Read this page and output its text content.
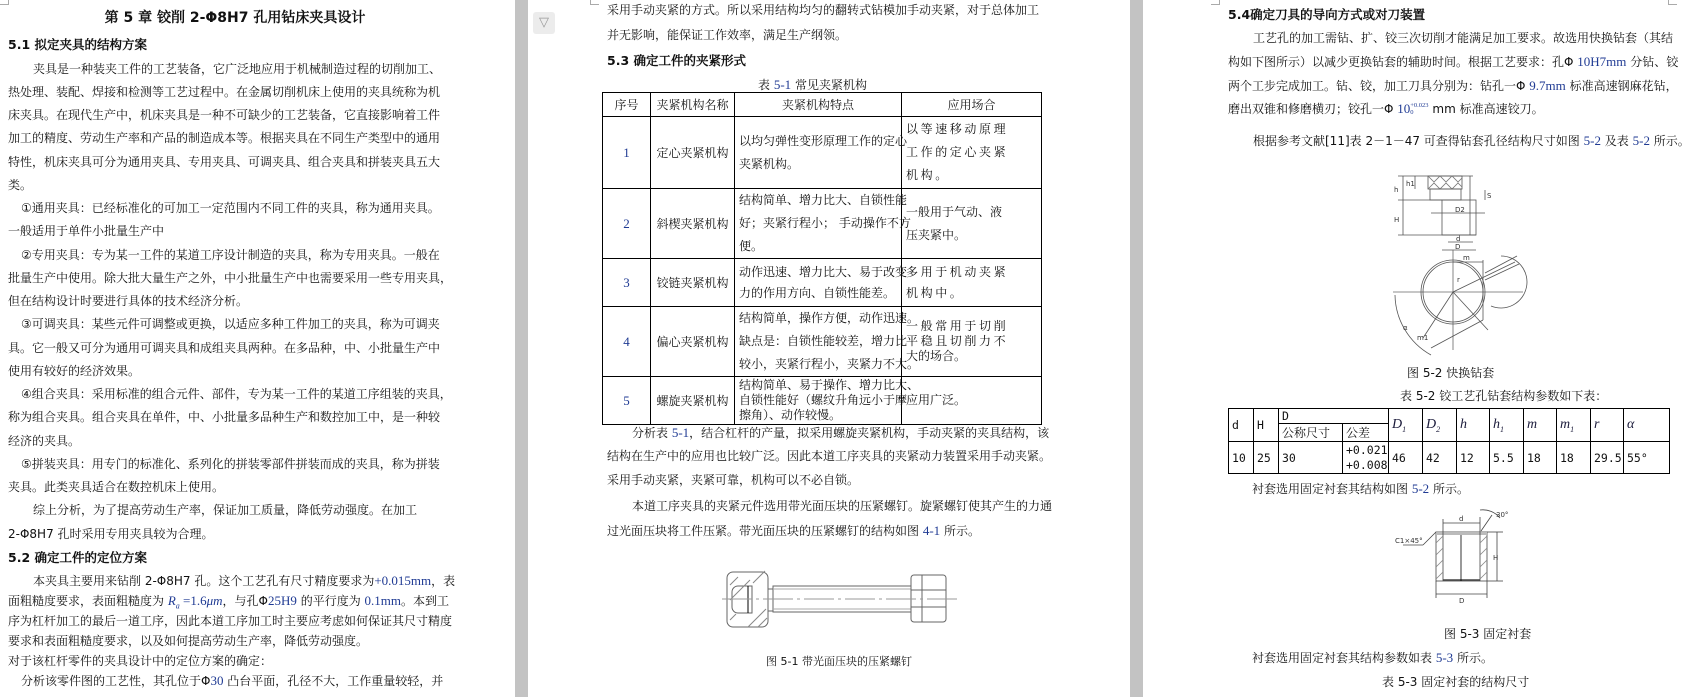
第 5 章 铰削 2-Φ8H7 孔用钻床夹具设计
5.1 拟定夹具的结构方案
夹具是一种装夹工件的工艺装备，它广泛地应用于机械制造过程的切削加工、
热处理、装配、焊接和检测等工艺过程中。在金属切削机床上使用的夹具统称为机
床夹具。在现代生产中，机床夹具是一种不可缺少的工艺装备，它直接影响着工件
加工的精度、劳动生产率和产品的制造成本等。根据夹具在不同生产类型中的通用
特性，机床夹具可分为通用夹具、专用夹具、可调夹具、组合夹具和拼装夹具五大
类。
①通用夹具：已经标准化的可加工一定范围内不同工件的夹具，称为通用夹具。
一般适用于单件小批量生产中
②专用夹具：专为某一工件的某道工序设计制造的夹具，称为专用夹具。一般在
批量生产中使用。除大批大量生产之外，中小批量生产中也需要采用一些专用夹具，
但在结构设计时要进行具体的技术经济分析。
③可调夹具：某些元件可调整或更换，以适应多种工件加工的夹具，称为可调夹
具。它一般又可分为通用可调夹具和成组夹具两种。在多品种，中、小批量生产中
使用有较好的经济效果。
④组合夹具：采用标准的组合元件、部件，专为某一工件的某道工序组装的夹具，
称为组合夹具。组合夹具在单件，中、小批量多品种生产和数控加工中，是一种较
经济的夹具。
⑤拼装夹具：用专门的标准化、系列化的拼装零部件拼装而成的夹具，称为拼装
夹具。此类夹具适合在数控机床上使用。
综上分析，为了提高劳动生产率，保证加工质量，降低劳动强度。在加工
2-Φ8H7 孔时采用专用夹具较为合理。
5.2 确定工件的定位方案
本夹具主要用来钻削 2-Φ8H7 孔。这个工艺孔有尺寸精度要求为+0.015mm，表
面粗糙度要求，表面粗糙度为 $R_a =1.6\mu m$，与孔Φ25H9 的平行度为 0.1mm。本到工
序为杠杆加工的最后一道工序，因此本道工序加工时主要应考虑如何保证其尺寸精度
要求和表面粗糙度要求，以及如何提高劳动生产率，降低劳动强度。
对于该杠杆零件的夹具设计中的定位方案的确定：
分析该零件图的工艺性，其孔位于Φ30 凸台平面，孔径不大，工作重量较轻，并
▽
采用手动夹紧的方式。所以采用结构均匀的翻转式钻模加手动夹紧，对于总体加工
并无影响，能保证工作效率，满足生产纲领。
5.3 确定工件的夹紧形式
表 5-1 常见夹紧机构
序号	夹紧机构名称	夹紧机构特点	应用场合
1	定心夹紧机构	以均匀弹性变形原理工作的定心
夹紧机构。	以等速移动原理
工作的定心夹紧
机构。

2	斜楔夹紧机构	结构简单、增力比大、自锁性能
好；夹紧行程小； 手动操作不方
便。	一般用于气动、液
压夹紧中。

3	铰链夹紧机构	动作迅速、增力比大、易于改变
力的作用方向、自锁性能差。	多用于机动夹紧
机构中。

4	偏心夹紧机构	结构简单，操作方便，动作迅速。
缺点是：自锁性能较差，增力比
较小，夹紧行程小，夹紧力不大。	一般常用于切削
平稳且切削力不
大的场合。

5	螺旋夹紧机构	结构简单、易于操作、增力比大、
自锁性能好（螺纹升角远小于摩
擦角）、动作较慢。	应用广泛。
分析表 5-1，结合杠杆的产量，拟采用螺旋夹紧机构，手动夹紧的夹具结构，该
结构在生产中的应用也比较广泛。因此本道工序夹具的夹紧动力装置采用手动夹紧。
采用手动夹紧，夹紧可靠，机构可以不必自锁。
本道工序夹具的夹紧元件选用带光面压块的压紧螺钉。旋紧螺钉使其产生的力通
过光面压块将工件压紧。带光面压块的压紧螺钉的结构如图 4-1 所示。
图 5-1 带光面压块的压紧螺钉
5.4确定刀具的导向方式或对刀装置
工艺孔的加工需钻、扩、铰三次切削才能满足加工要求。故选用快换钻套（其结
构如下图所示）以减少更换钻套的辅助时间。根据工艺要求：孔Φ 10H7mm 分钻、铰
两个工步完成加工。钻、铰，加工刀具分别为：钻孔一Φ 9.7mm 标准高速钢麻花钻，
磨出双锥和修磨横刃；铰孔一Φ 10 +0.023
0	mm 标准高速铰刀。
根据参考文献[11]表 2－1－47 可查得钻套孔径结构尺寸如图 5-2 及表 5-2 所示。
h
h1
H
D2
d
D
S
m
r
m1
α
图 5-2 快换钻套
表 5-2 铰工艺孔钻套结构参数如下表：
d	H	D		$D_1$	$D_2$	h	$h_1$	m	$m_1$	r	α
		公称尺寸	公差								
10	25	30	+0.021
+0.008	46	42	12	5.5	18	18	29.5	55°
衬套选用固定衬套其结构如图 5-2 所示。
d
D
H
C1×45°
30°
图 5-3 固定衬套
衬套选用固定衬套其结构参数如表 5-3 所示。
表 5-3 固定衬套的结构尺寸
